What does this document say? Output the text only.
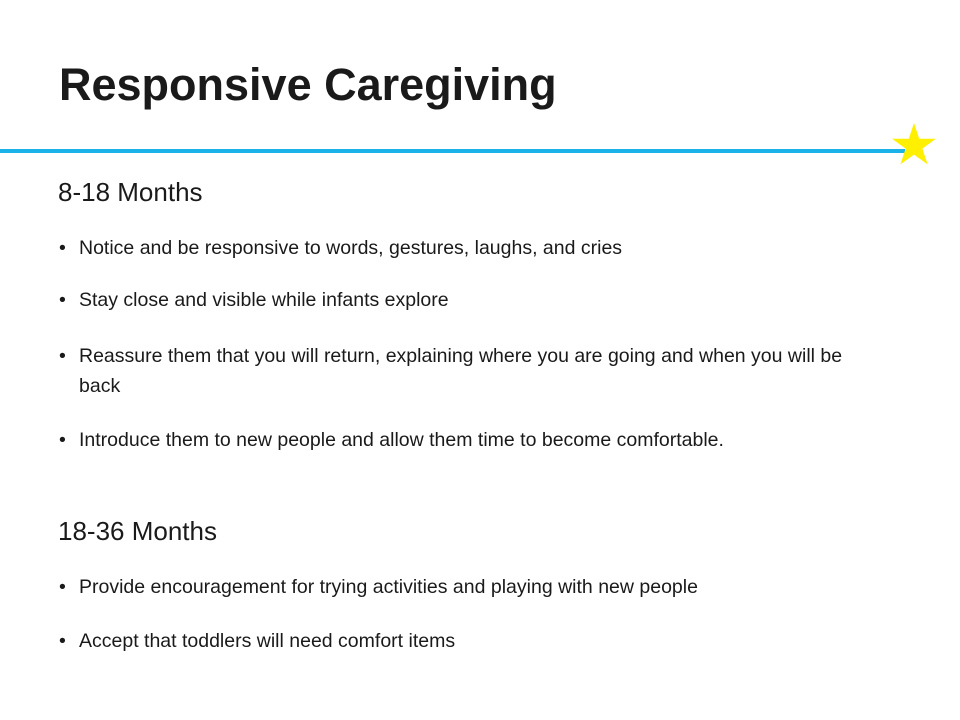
Responsive Caregiving
8-18 Months
• Notice and be responsive to words, gestures, laughs, and cries
• Stay close and visible while infants explore
• Reassure them that you will return, explaining where you are going and when you will be back
• Introduce them to new people and allow them time to become comfortable.
18-36 Months
• Provide encouragement for trying activities and playing with new people
• Accept that toddlers will need comfort items
